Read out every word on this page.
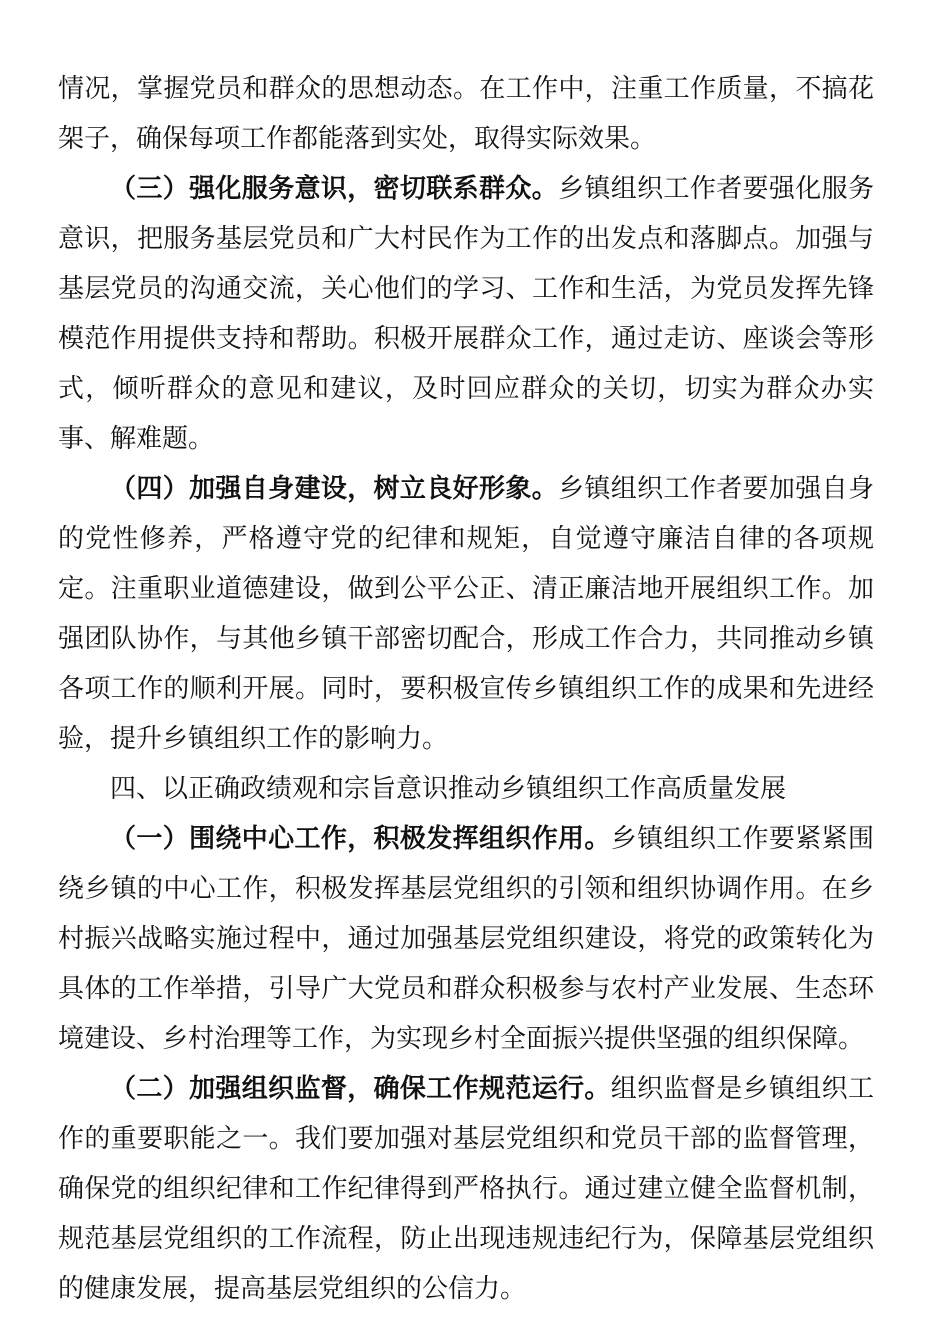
情况，掌握党员和群众的思想动态。在工作中，注重工作质量，不搞花架子，确保每项工作都能落到实处，取得实际效果。

（三）强化服务意识，密切联系群众。乡镇组织工作者要强化服务意识，把服务基层党员和广大村民作为工作的出发点和落脚点。加强与基层党员的沟通交流，关心他们的学习、工作和生活，为党员发挥先锋模范作用提供支持和帮助。积极开展群众工作，通过走访、座谈会等形式，倾听群众的意见和建议，及时回应群众的关切，切实为群众办实事、解难题。

（四）加强自身建设，树立良好形象。乡镇组织工作者要加强自身的党性修养，严格遵守党的纪律和规矩，自觉遵守廉洁自律的各项规定。注重职业道德建设，做到公平公正、清正廉洁地开展组织工作。加强团队协作，与其他乡镇干部密切配合，形成工作合力，共同推动乡镇各项工作的顺利开展。同时，要积极宣传乡镇组织工作的成果和先进经验，提升乡镇组织工作的影响力。

四、以正确政绩观和宗旨意识推动乡镇组织工作高质量发展

（一）围绕中心工作，积极发挥组织作用。乡镇组织工作要紧紧围绕乡镇的中心工作，积极发挥基层党组织的引领和组织协调作用。在乡村振兴战略实施过程中，通过加强基层党组织建设，将党的政策转化为具体的工作举措，引导广大党员和群众积极参与农村产业发展、生态环境建设、乡村治理等工作，为实现乡村全面振兴提供坚强的组织保障。

（二）加强组织监督，确保工作规范运行。组织监督是乡镇组织工作的重要职能之一。我们要加强对基层党组织和党员干部的监督管理，确保党的组织纪律和工作纪律得到严格执行。通过建立健全监督机制，规范基层党组织的工作流程，防止出现违规违纪行为，保障基层党组织的健康发展，提高基层党组织的公信力。
